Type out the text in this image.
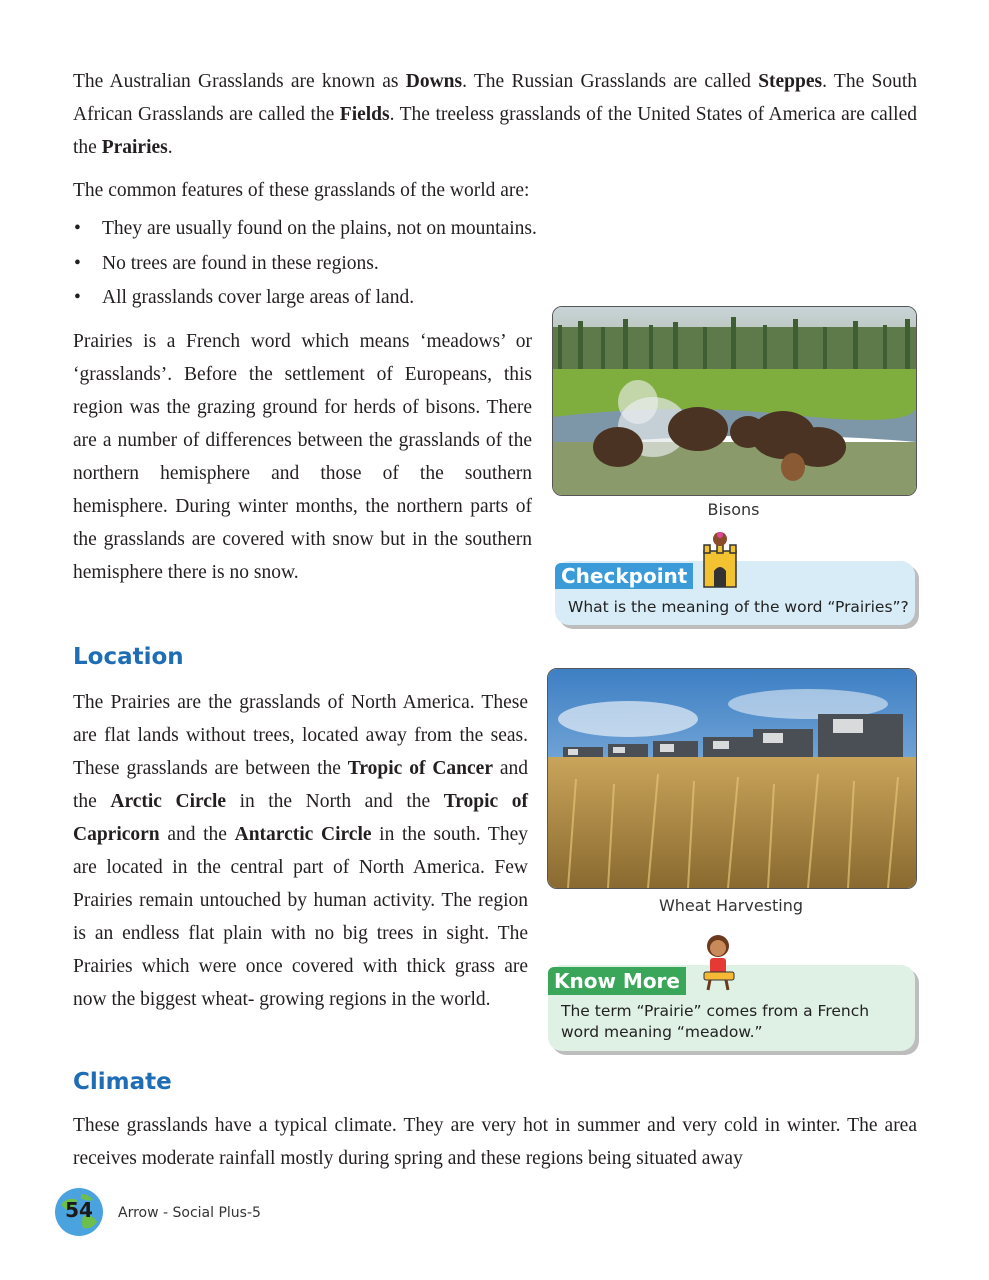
The Australian Grasslands are known as Downs. The Russian Grasslands are called Steppes. The South African Grasslands are called the Fields. The treeless grasslands of the United States of America are called the Prairies.

The common features of these grasslands of the world are:

• They are usually found on the plains, not on mountains.
• No trees are found in these regions.
• All grasslands cover large areas of land.

Prairies is a French word which means ‘meadows’ or ‘grasslands’. Before the settlement of Europeans, this region was the grazing ground for herds of bisons. There are a number of differences between the grasslands of the northern hemisphere and those of the southern hemisphere. During winter months, the northern parts of the grasslands are covered with snow but in the southern hemisphere there is no snow.

Bisons
Checkpoint

What is the meaning of the word “Prairies”?

Location

The Prairies are the grasslands of North America. These are flat lands without trees, located away from the seas. These grasslands are between the Tropic of Cancer and the Arctic Circle in the North and the Tropic of Capricorn and the Antarctic Circle in the south. They are located in the central part of North America. Few Prairies remain untouched by human activity. The region is an endless flat plain with no big trees in sight. The Prairies which were once covered with thick grass are now the biggest wheat- growing regions in the world.

Wheat Harvesting
Know More

The term “Prairie” comes from a French word meaning “meadow.”

Climate

These grasslands have a typical climate. They are very hot in summer and very cold in winter. The area receives moderate rainfall mostly during spring and these regions being situated away

54	Arrow - Social Plus-5
